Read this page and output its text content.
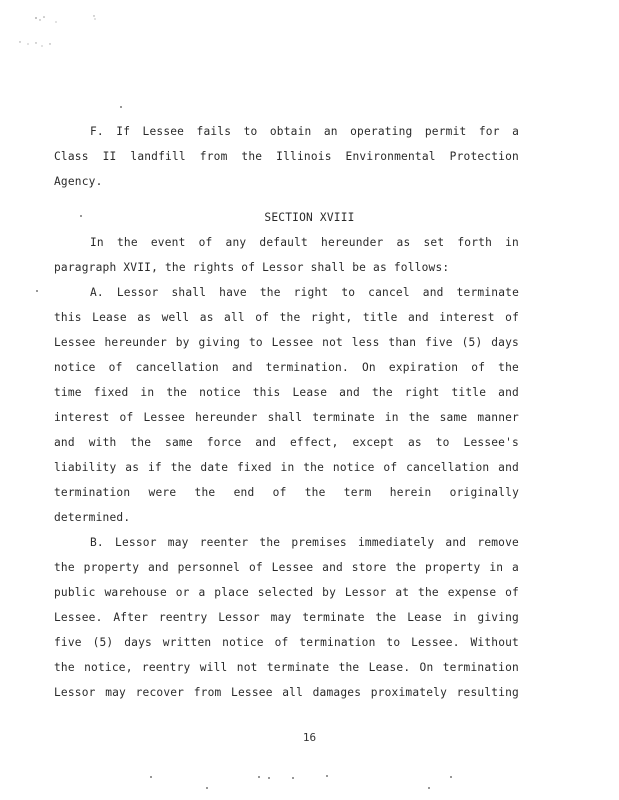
F. If Lessee fails to obtain an operating permit for a
Class II landfill from the Illinois Environmental Protection
Agency.
SECTION XVIII
In the event of any default hereunder as set forth in
paragraph XVII, the rights of Lessor shall be as follows:
A. Lessor shall have the right to cancel and terminate
this Lease as well as all of the right, title and interest of
Lessee hereunder by giving to Lessee not less than five (5) days
notice of cancellation and termination. On expiration of the
time fixed in the notice this Lease and the right title and
interest of Lessee hereunder shall terminate in the same manner
and with the same force and effect, except as to Lessee's
liability as if the date fixed in the notice of cancellation and
termination were the end of the term herein originally
determined.
B. Lessor may reenter the premises immediately and remove
the property and personnel of Lessee and store the property in a
public warehouse or a place selected by Lessor at the expense of
Lessee. After reentry Lessor may terminate the Lease in giving
five (5) days written notice of termination to Lessee. Without
the notice, reentry will not terminate the Lease. On termination
Lessor may recover from Lessee all damages proximately resulting
16
